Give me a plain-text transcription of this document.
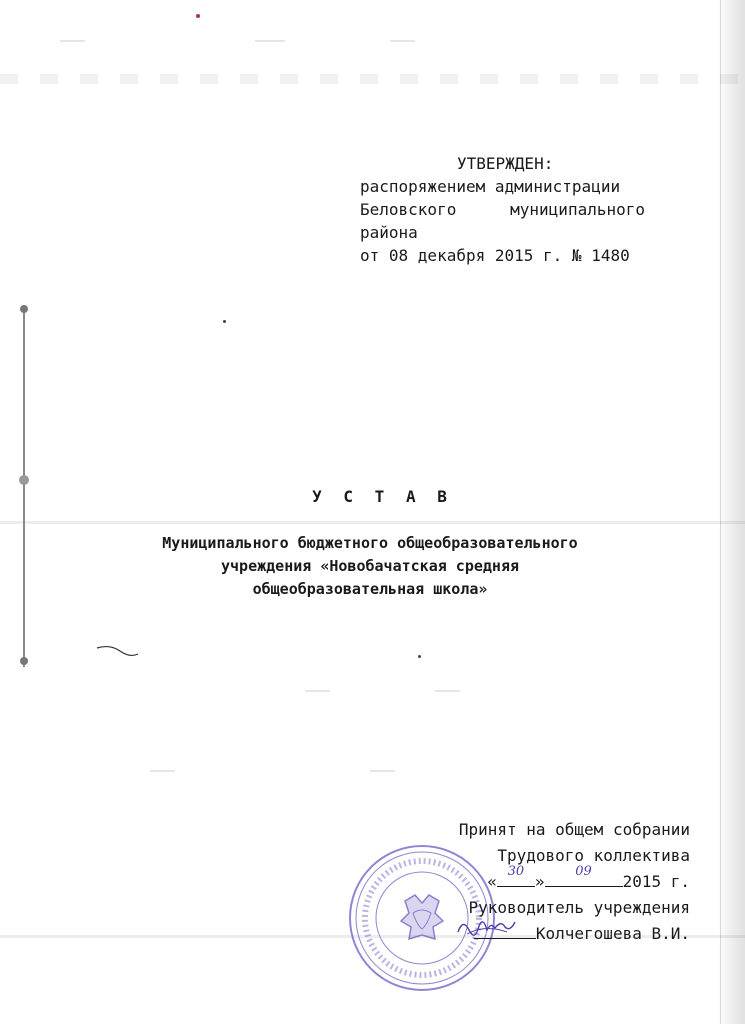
УТВЕРЖДЕН:
распоряжением администрации
Беловского	муниципального
района
от 08 декабря 2015 г. № 1480
У С Т А В
Муниципального бюджетного общеобразовательного
учреждения «Новобачатская средняя
общеобразовательная школа»
Принят на общем собрании
Трудового коллектива
«
30
»
09
2015 г.
Руководитель учреждения
Колчегошева В.И.
